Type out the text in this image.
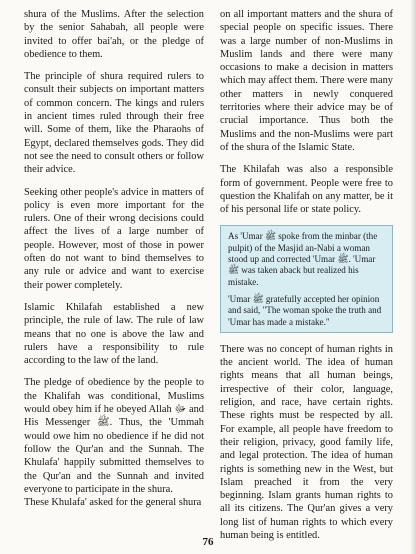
shura of the Muslims. After the selection by the senior Sahabah, all people were invited to offer bai'ah, or the pledge of obedience to them.

The principle of shura required rulers to consult their subjects on important matters of common concern. The kings and rulers in ancient times ruled through their free will. Some of them, like the Pharaohs of Egypt, declared themselves gods. They did not see the need to consult others or follow their advice.

Seeking other people's advice in matters of policy is even more important for the rulers. One of their wrong decisions could affect the lives of a large number of people. However, most of those in power often do not want to bind themselves to any rule or advice and want to exercise their power completely.

Islamic Khilafah established a new principle, the rule of law. The rule of law means that no one is above the law and rulers have a responsibility to rule according to the law of the land.

The pledge of obedience by the people to the Khalifah was conditional, Muslims would obey him if he obeyed Allah ﷻ and His Messenger ﷺ. Thus, the 'Ummah would owe him no obedience if he did not follow the Qur'an and the Sunnah. The Khulafa' happily submitted themselves to the Qur'an and the Sunnah and invited everyone to participate in the shura.

These Khulafa' asked for the general shura

on all important matters and the shura of special people on specific issues. There was a large number of non-Muslims in Muslim lands and there were many occasions to make a decision in matters which may affect them. There were many other matters in newly conquered territories where their advice may be of crucial importance. Thus both the Muslims and the non-Muslims were part of the shura of the Islamic State.

The Khilafah was also a responsible form of government. People were free to question the Khalifah on any matter, be it of his personal life or state policy.

As 'Umar ﷺ spoke from the minbar (the pulpit) of the Masjid an-Nabi a woman stood up and corrected 'Umar ﷺ. 'Umar ﷺ was taken aback but realized his mistake.

'Umar ﷺ gratefully accepted her opinion and said, "The woman spoke the truth and 'Umar has made a mistake."

There was no concept of human rights in the ancient world. The idea of human rights means that all human beings, irrespective of their color, language, religion, and race, have certain rights. These rights must be respected by all. For example, all people have freedom to their religion, privacy, good family life, and legal protection. The idea of human rights is something new in the West, but Islam preached it from the very beginning. Islam grants human rights to all its citizens. The Qur'an gives a very long list of human rights to which every human being is entitled.

76
